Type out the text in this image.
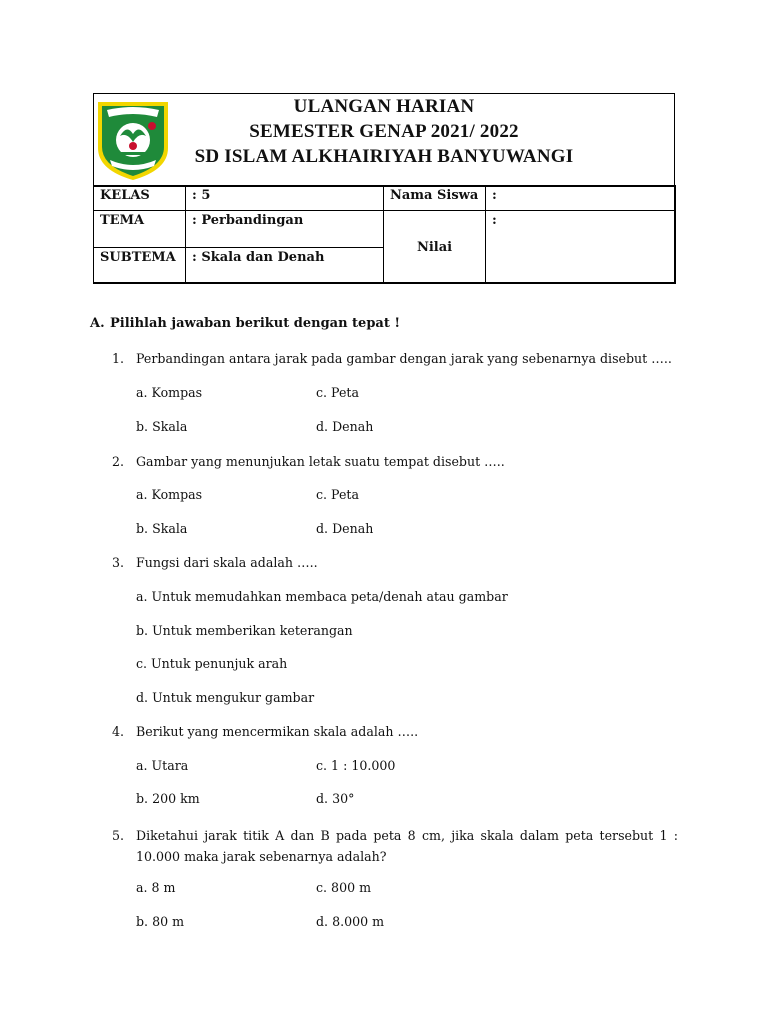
ULANGAN HARIAN
SEMESTER GENAP 2021/ 2022
SD ISLAM ALKHAIRIYAH BANYUWANGI
KELAS	: 5	Nama Siswa	:
TEMA	: Perbandingan	Nilai	:
SUBTEMA	: Skala dan Denah		
A. Pilihlah jawaban berikut dengan tepat !
1. Perbandingan antara jarak pada gambar dengan jarak yang sebenarnya disebut …..
a. Kompas	c. Peta
b. Skala	d. Denah
2. Gambar yang menunjukan letak suatu tempat disebut …..
a. Kompas	c. Peta
b. Skala	d. Denah
3. Fungsi dari skala adalah …..
a. Untuk memudahkan membaca peta/denah atau gambar
b. Untuk memberikan keterangan
c. Untuk penunjuk arah
d. Untuk mengukur gambar
4. Berikut yang mencermikan skala adalah …..
a. Utara	c. 1 : 10.000
b. 200 km	d. 30°
5. Diketahui jarak titik A dan B pada peta 8 cm, jika skala dalam peta tersebut 1 : 10.000 maka jarak sebenarnya adalah?
a. 8 m	c. 800 m
b. 80 m	d. 8.000 m
